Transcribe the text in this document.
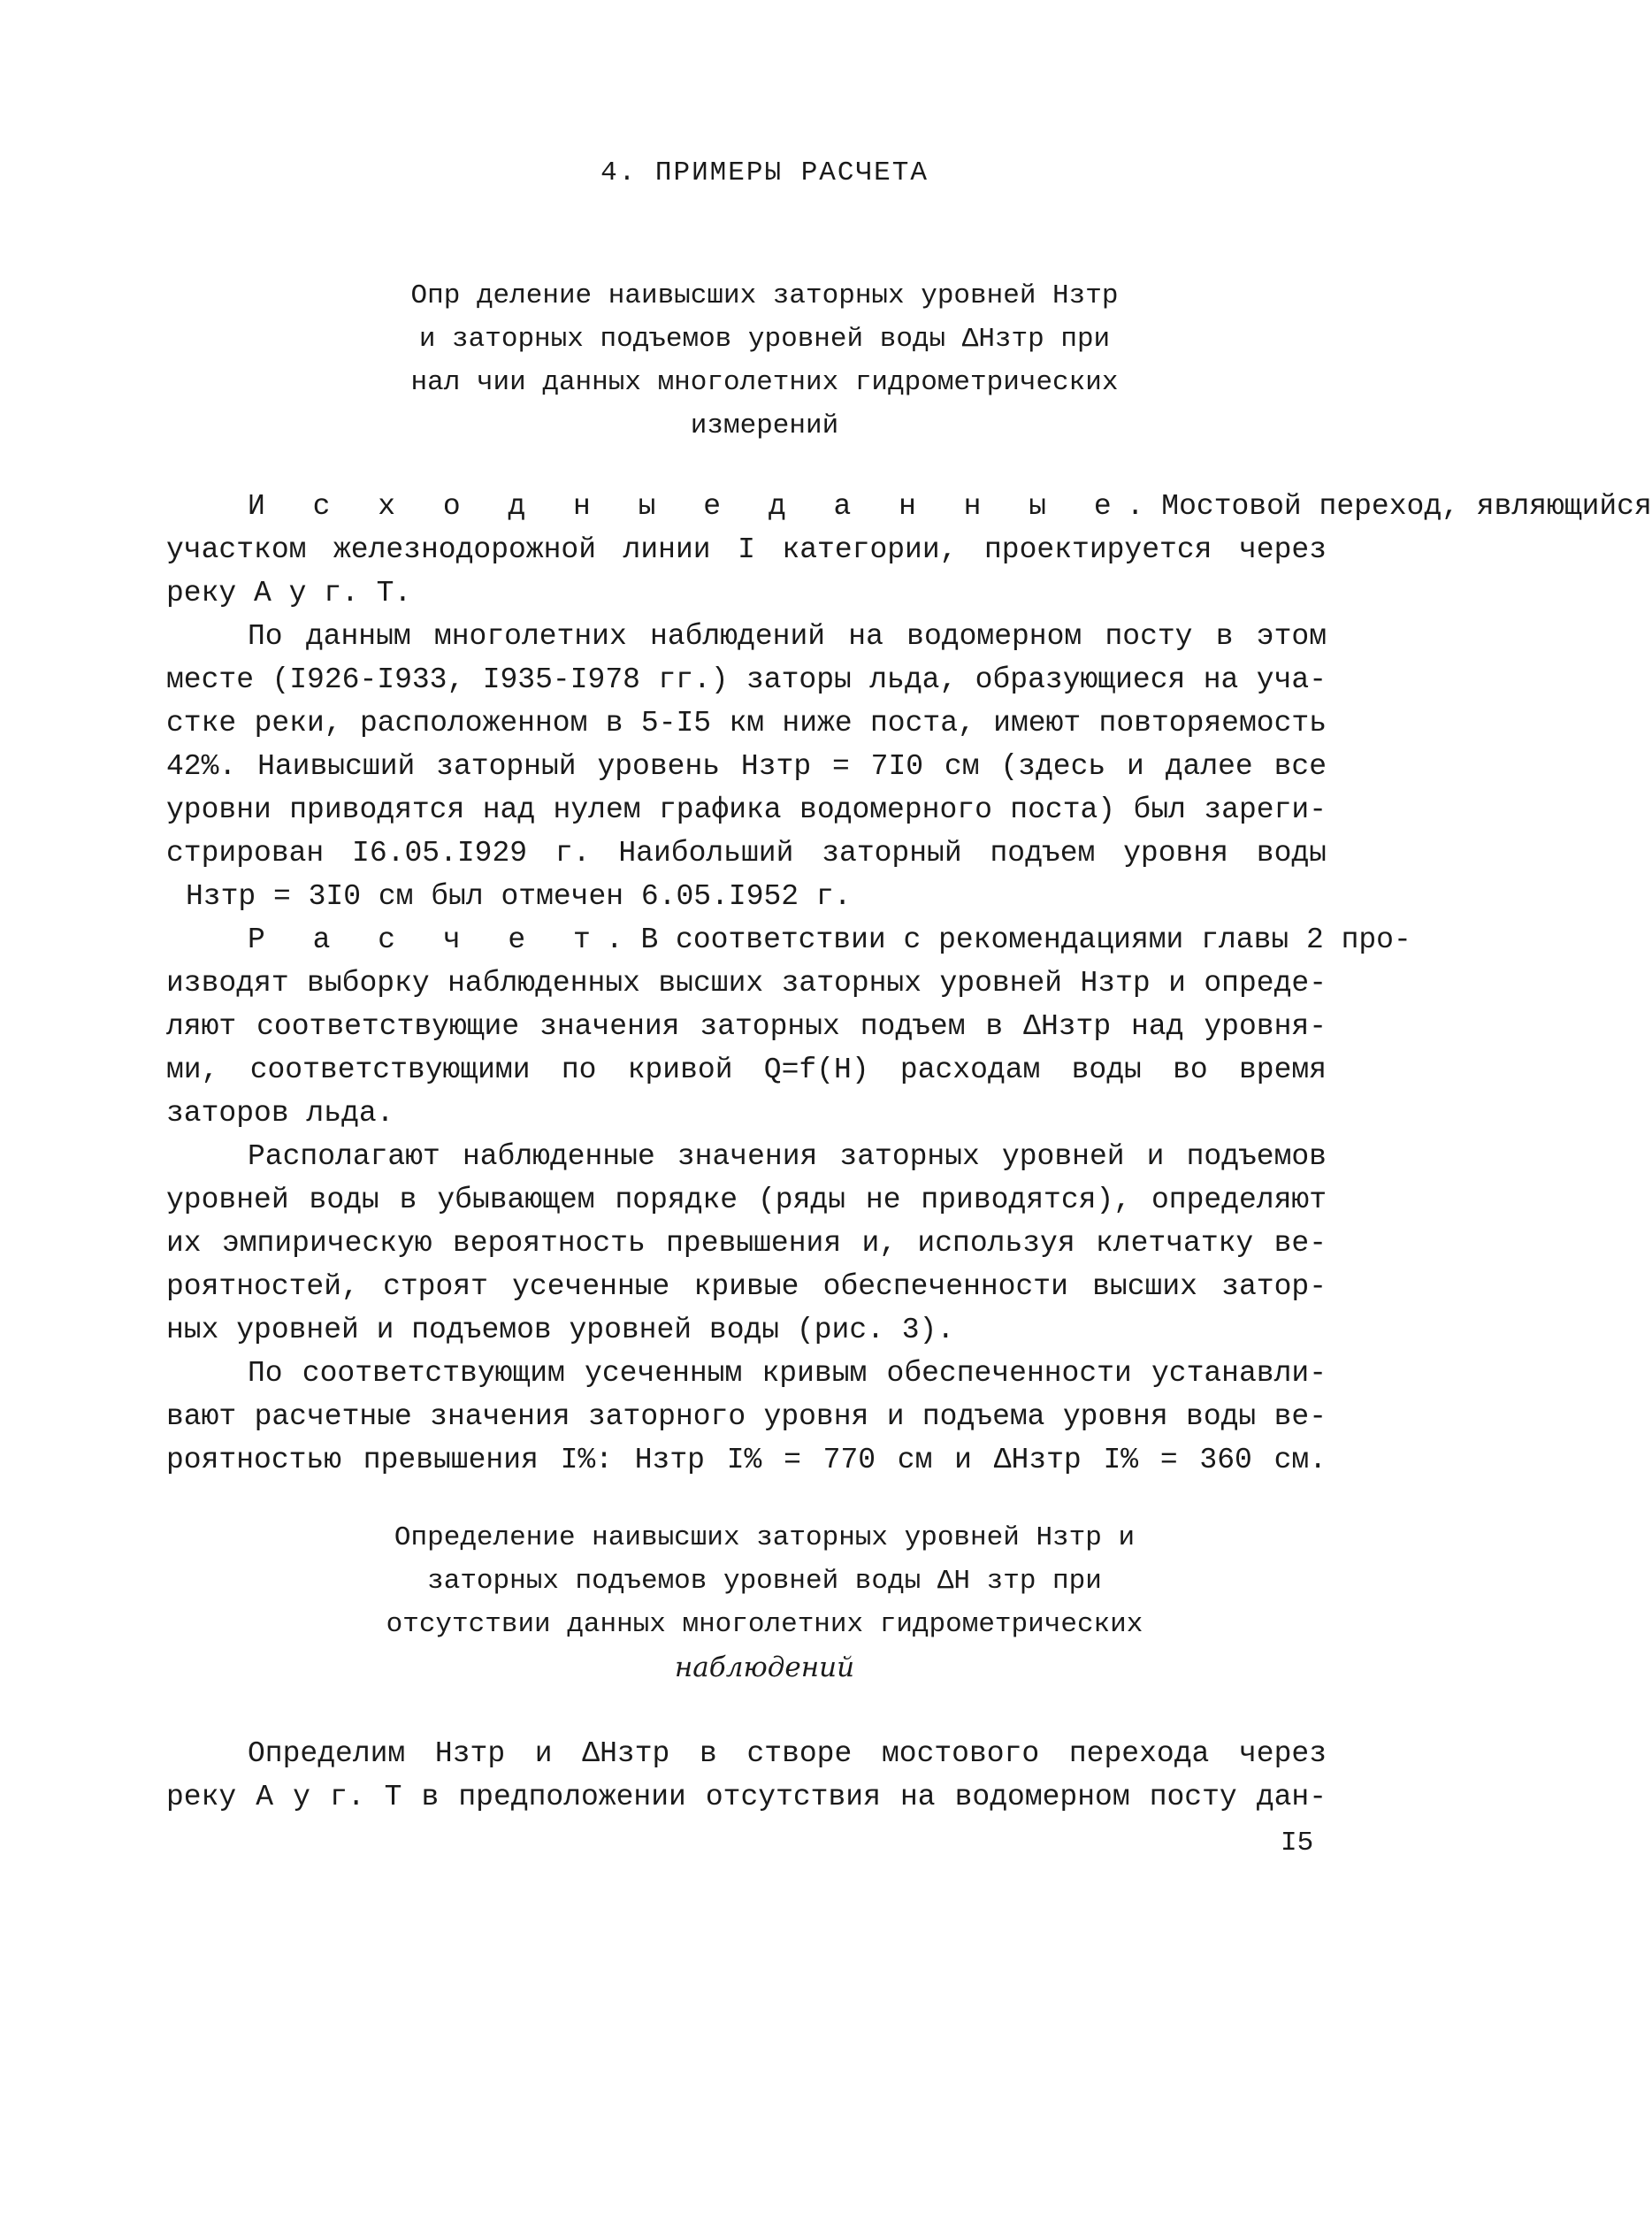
4. ПРИМЕРЫ РАСЧЕТА
Опр деление наивысших заторных уровней Hзтр
и заторных подъемов уровней воды ΔHзтр при
нал чии данных многолетних гидрометрических
измерений
И с х о д н ы е д а н н ы е. Мостовой переход, являющийся
участком железнодорожной линии I категории, проектируется через
реку А у г. Т.
По данным многолетних наблюдений на водомерном посту в этом
месте (I926-I933, I935-I978 гг.) заторы льда, образующиеся на уча-
стке реки, расположенном в 5-I5 км ниже поста, имеют повторяемость
42%. Наивысший заторный уровень Hзтр = 7I0 см (здесь и далее все
уровни приводятся над нулем графика водомерного поста) был зареги-
стрирован I6.05.I929 г. Наибольший заторный подъем уровня воды
Hзтр = 3I0 см был отмечен 6.05.I952 г.
Р а с ч е т. В соответствии с рекомендациями главы 2 про-
изводят выборку наблюденных высших заторных уровней Hзтр и опреде-
ляют соответствующие значения заторных подъем в ΔHзтр над уровня-
ми, соответствующими по кривой Q=f(H) расходам воды во время
заторов льда.
Располагают наблюденные значения заторных уровней и подъемов
уровней воды в убывающем порядке (ряды не приводятся), определяют
их эмпирическую вероятность превышения и, используя клетчатку ве-
роятностей, строят усеченные кривые обеспеченности высших затор-
ных уровней и подъемов уровней воды (рис. 3).
По соответствующим усеченным кривым обеспеченности устанавли-
вают расчетные значения заторного уровня и подъема уровня воды ве-
роятностью превышения I%: Hзтр I% = 770 см и ΔHзтр I% = 360 см.
Определение наивысших заторных уровней Hзтр и
заторных подъемов уровней воды ΔH зтр при
отсутствии данных многолетних гидрометрических
наблюдений
Определим Hзтр и ΔHзтр в створе мостового перехода через
реку А у г. Т в предположении отсутствия на водомерном посту дан-
I5
